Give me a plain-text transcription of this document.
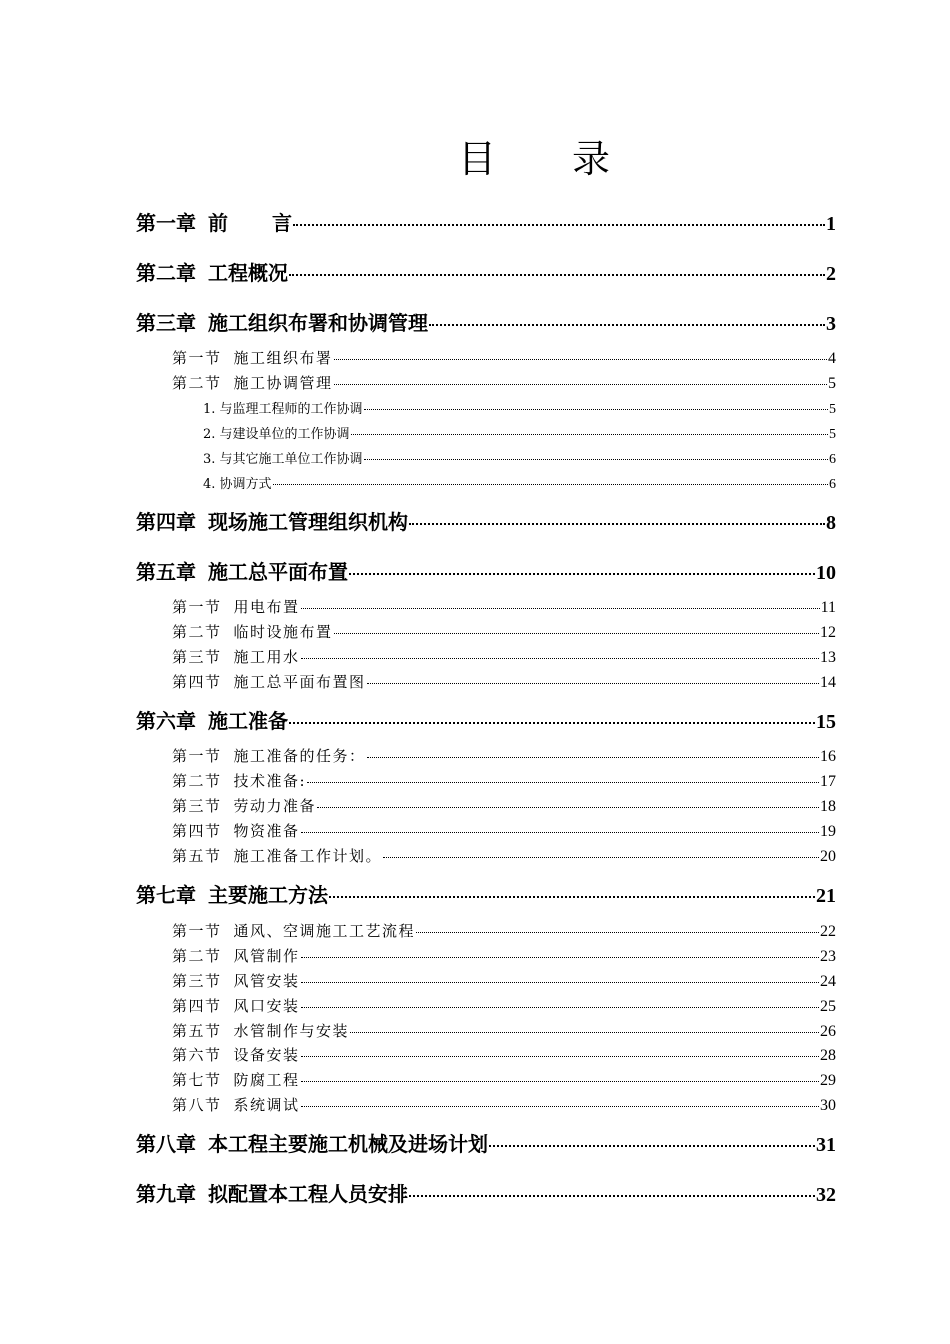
目 录
第一章 前 言	1
第二章 工程概况	2
第三章 施工组织布署和协调管理	3
第一节 施工组织布署	4
第二节 施工协调管理	5
1. 与监理工程师的工作协调	5
2. 与建设单位的工作协调	5
3. 与其它施工单位工作协调	6
4. 协调方式	6
第四章 现场施工管理组织机构	8
第五章 施工总平面布置	10
第一节 用电布置	11
第二节 临时设施布置	12
第三节 施工用水	13
第四节 施工总平面布置图	14
第六章 施工准备	15
第一节 施工准备的任务：	16
第二节 技术准备:	17
第三节 劳动力准备	18
第四节 物资准备	19
第五节 施工准备工作计划。	20
第七章 主要施工方法	21
第一节 通风、空调施工工艺流程	22
第二节 风管制作	23
第三节 风管安装	24
第四节 风口安装	25
第五节 水管制作与安装	26
第六节 设备安装	28
第七节 防腐工程	29
第八节 系统调试	30
第八章 本工程主要施工机械及进场计划	31
第九章 拟配置本工程人员安排	32
